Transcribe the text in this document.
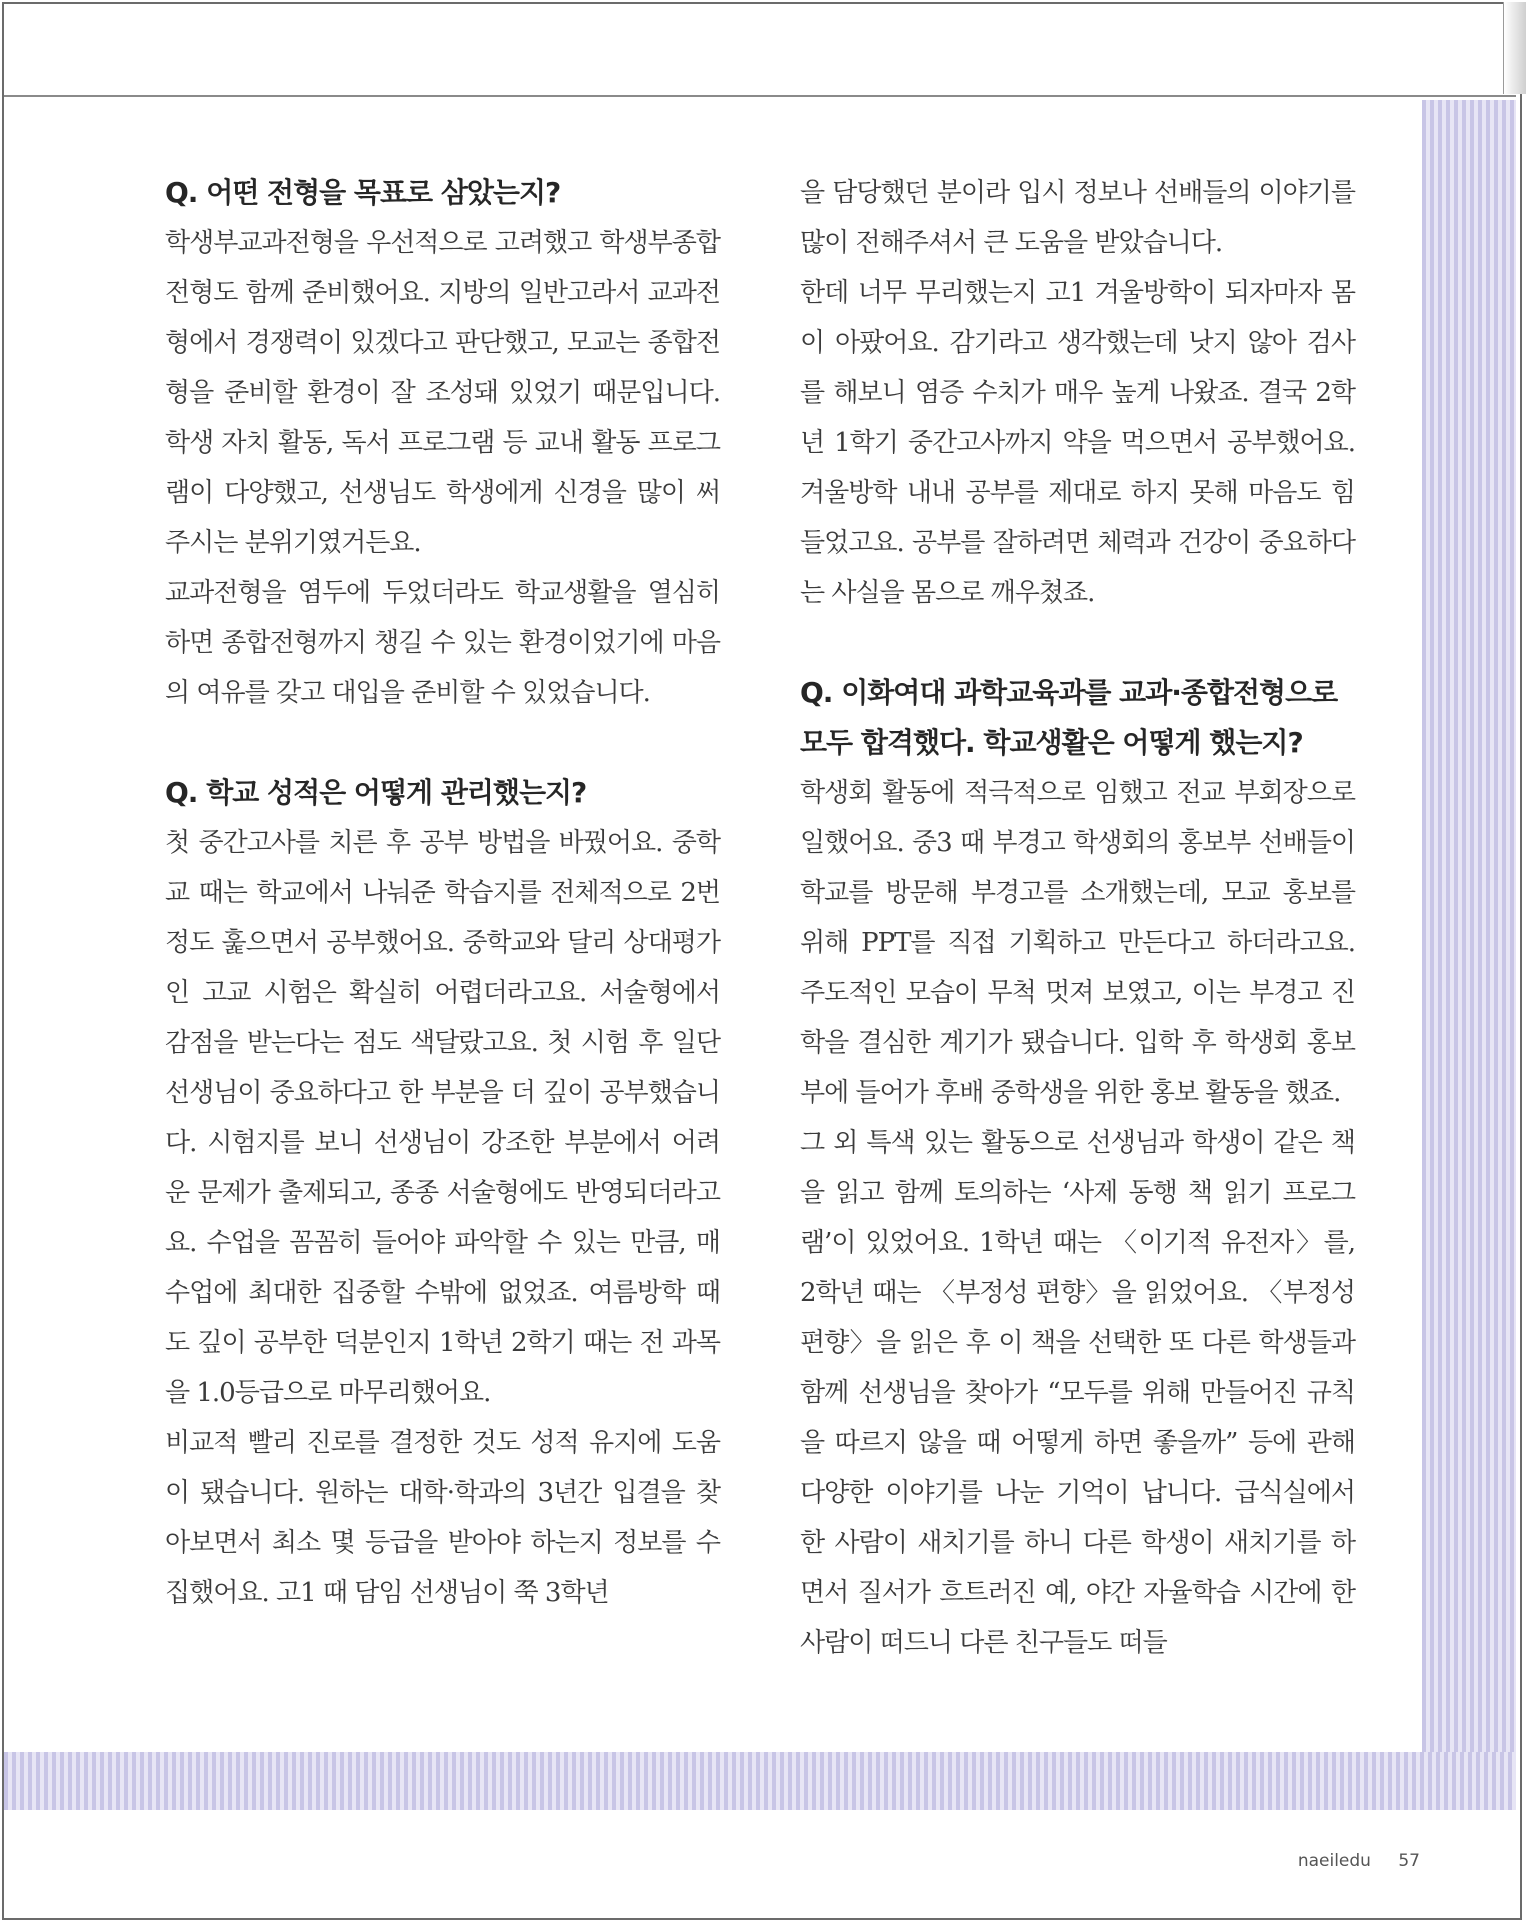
Q. 어떤 전형을 목표로 삼았는지?

학생부교과전형을 우선적으로 고려했고 학생부종합전형도 함께 준비했어요. 지방의 일반고라서 교과전형에서 경쟁력이 있겠다고 판단했고, 모교는 종합전형을 준비할 환경이 잘 조성돼 있었기 때문입니다. 학생 자치 활동, 독서 프로그램 등 교내 활동 프로그램이 다양했고, 선생님도 학생에게 신경을 많이 써주시는 분위기였거든요.

교과전형을 염두에 두었더라도 학교생활을 열심히 하면 종합전형까지 챙길 수 있는 환경이었기에 마음의 여유를 갖고 대입을 준비할 수 있었습니다.

Q. 학교 성적은 어떻게 관리했는지?

첫 중간고사를 치른 후 공부 방법을 바꿨어요. 중학교 때는 학교에서 나눠준 학습지를 전체적으로 2번 정도 훑으면서 공부했어요. 중학교와 달리 상대평가인 고교 시험은 확실히 어렵더라고요. 서술형에서 감점을 받는다는 점도 색달랐고요. 첫 시험 후 일단 선생님이 중요하다고 한 부분을 더 깊이 공부했습니다. 시험지를 보니 선생님이 강조한 부분에서 어려운 문제가 출제되고, 종종 서술형에도 반영되더라고요. 수업을 꼼꼼히 들어야 파악할 수 있는 만큼, 매 수업에 최대한 집중할 수밖에 없었죠. 여름방학 때도 깊이 공부한 덕분인지 1학년 2학기 때는 전 과목을 1.0등급으로 마무리했어요.

비교적 빨리 진로를 결정한 것도 성적 유지에 도움이 됐습니다. 원하는 대학·학과의 3년간 입결을 찾아보면서 최소 몇 등급을 받아야 하는지 정보를 수집했어요. 고1 때 담임 선생님이 쭉 3학년

을 담당했던 분이라 입시 정보나 선배들의 이야기를 많이 전해주셔서 큰 도움을 받았습니다.

한데 너무 무리했는지 고1 겨울방학이 되자마자 몸이 아팠어요. 감기라고 생각했는데 낫지 않아 검사를 해보니 염증 수치가 매우 높게 나왔죠. 결국 2학년 1학기 중간고사까지 약을 먹으면서 공부했어요. 겨울방학 내내 공부를 제대로 하지 못해 마음도 힘들었고요. 공부를 잘하려면 체력과 건강이 중요하다는 사실을 몸으로 깨우쳤죠.

Q. 이화여대 과학교육과를 교과·종합전형으로 모두 합격했다. 학교생활은 어떻게 했는지?

학생회 활동에 적극적으로 임했고 전교 부회장으로 일했어요. 중3 때 부경고 학생회의 홍보부 선배들이 학교를 방문해 부경고를 소개했는데, 모교 홍보를 위해 PPT를 직접 기획하고 만든다고 하더라고요. 주도적인 모습이 무척 멋져 보였고, 이는 부경고 진학을 결심한 계기가 됐습니다. 입학 후 학생회 홍보부에 들어가 후배 중학생을 위한 홍보 활동을 했죠.

그 외 특색 있는 활동으로 선생님과 학생이 같은 책을 읽고 함께 토의하는 ‘사제 동행 책 읽기 프로그램’이 있었어요. 1학년 때는 〈이기적 유전자〉를, 2학년 때는 〈부정성 편향〉을 읽었어요. 〈부정성 편향〉을 읽은 후 이 책을 선택한 또 다른 학생들과 함께 선생님을 찾아가 “모두를 위해 만들어진 규칙을 따르지 않을 때 어떻게 하면 좋을까” 등에 관해 다양한 이야기를 나눈 기억이 납니다. 급식실에서 한 사람이 새치기를 하니 다른 학생이 새치기를 하면서 질서가 흐트러진 예, 야간 자율학습 시간에 한 사람이 떠드니 다른 친구들도 떠들

naeiledu 57
